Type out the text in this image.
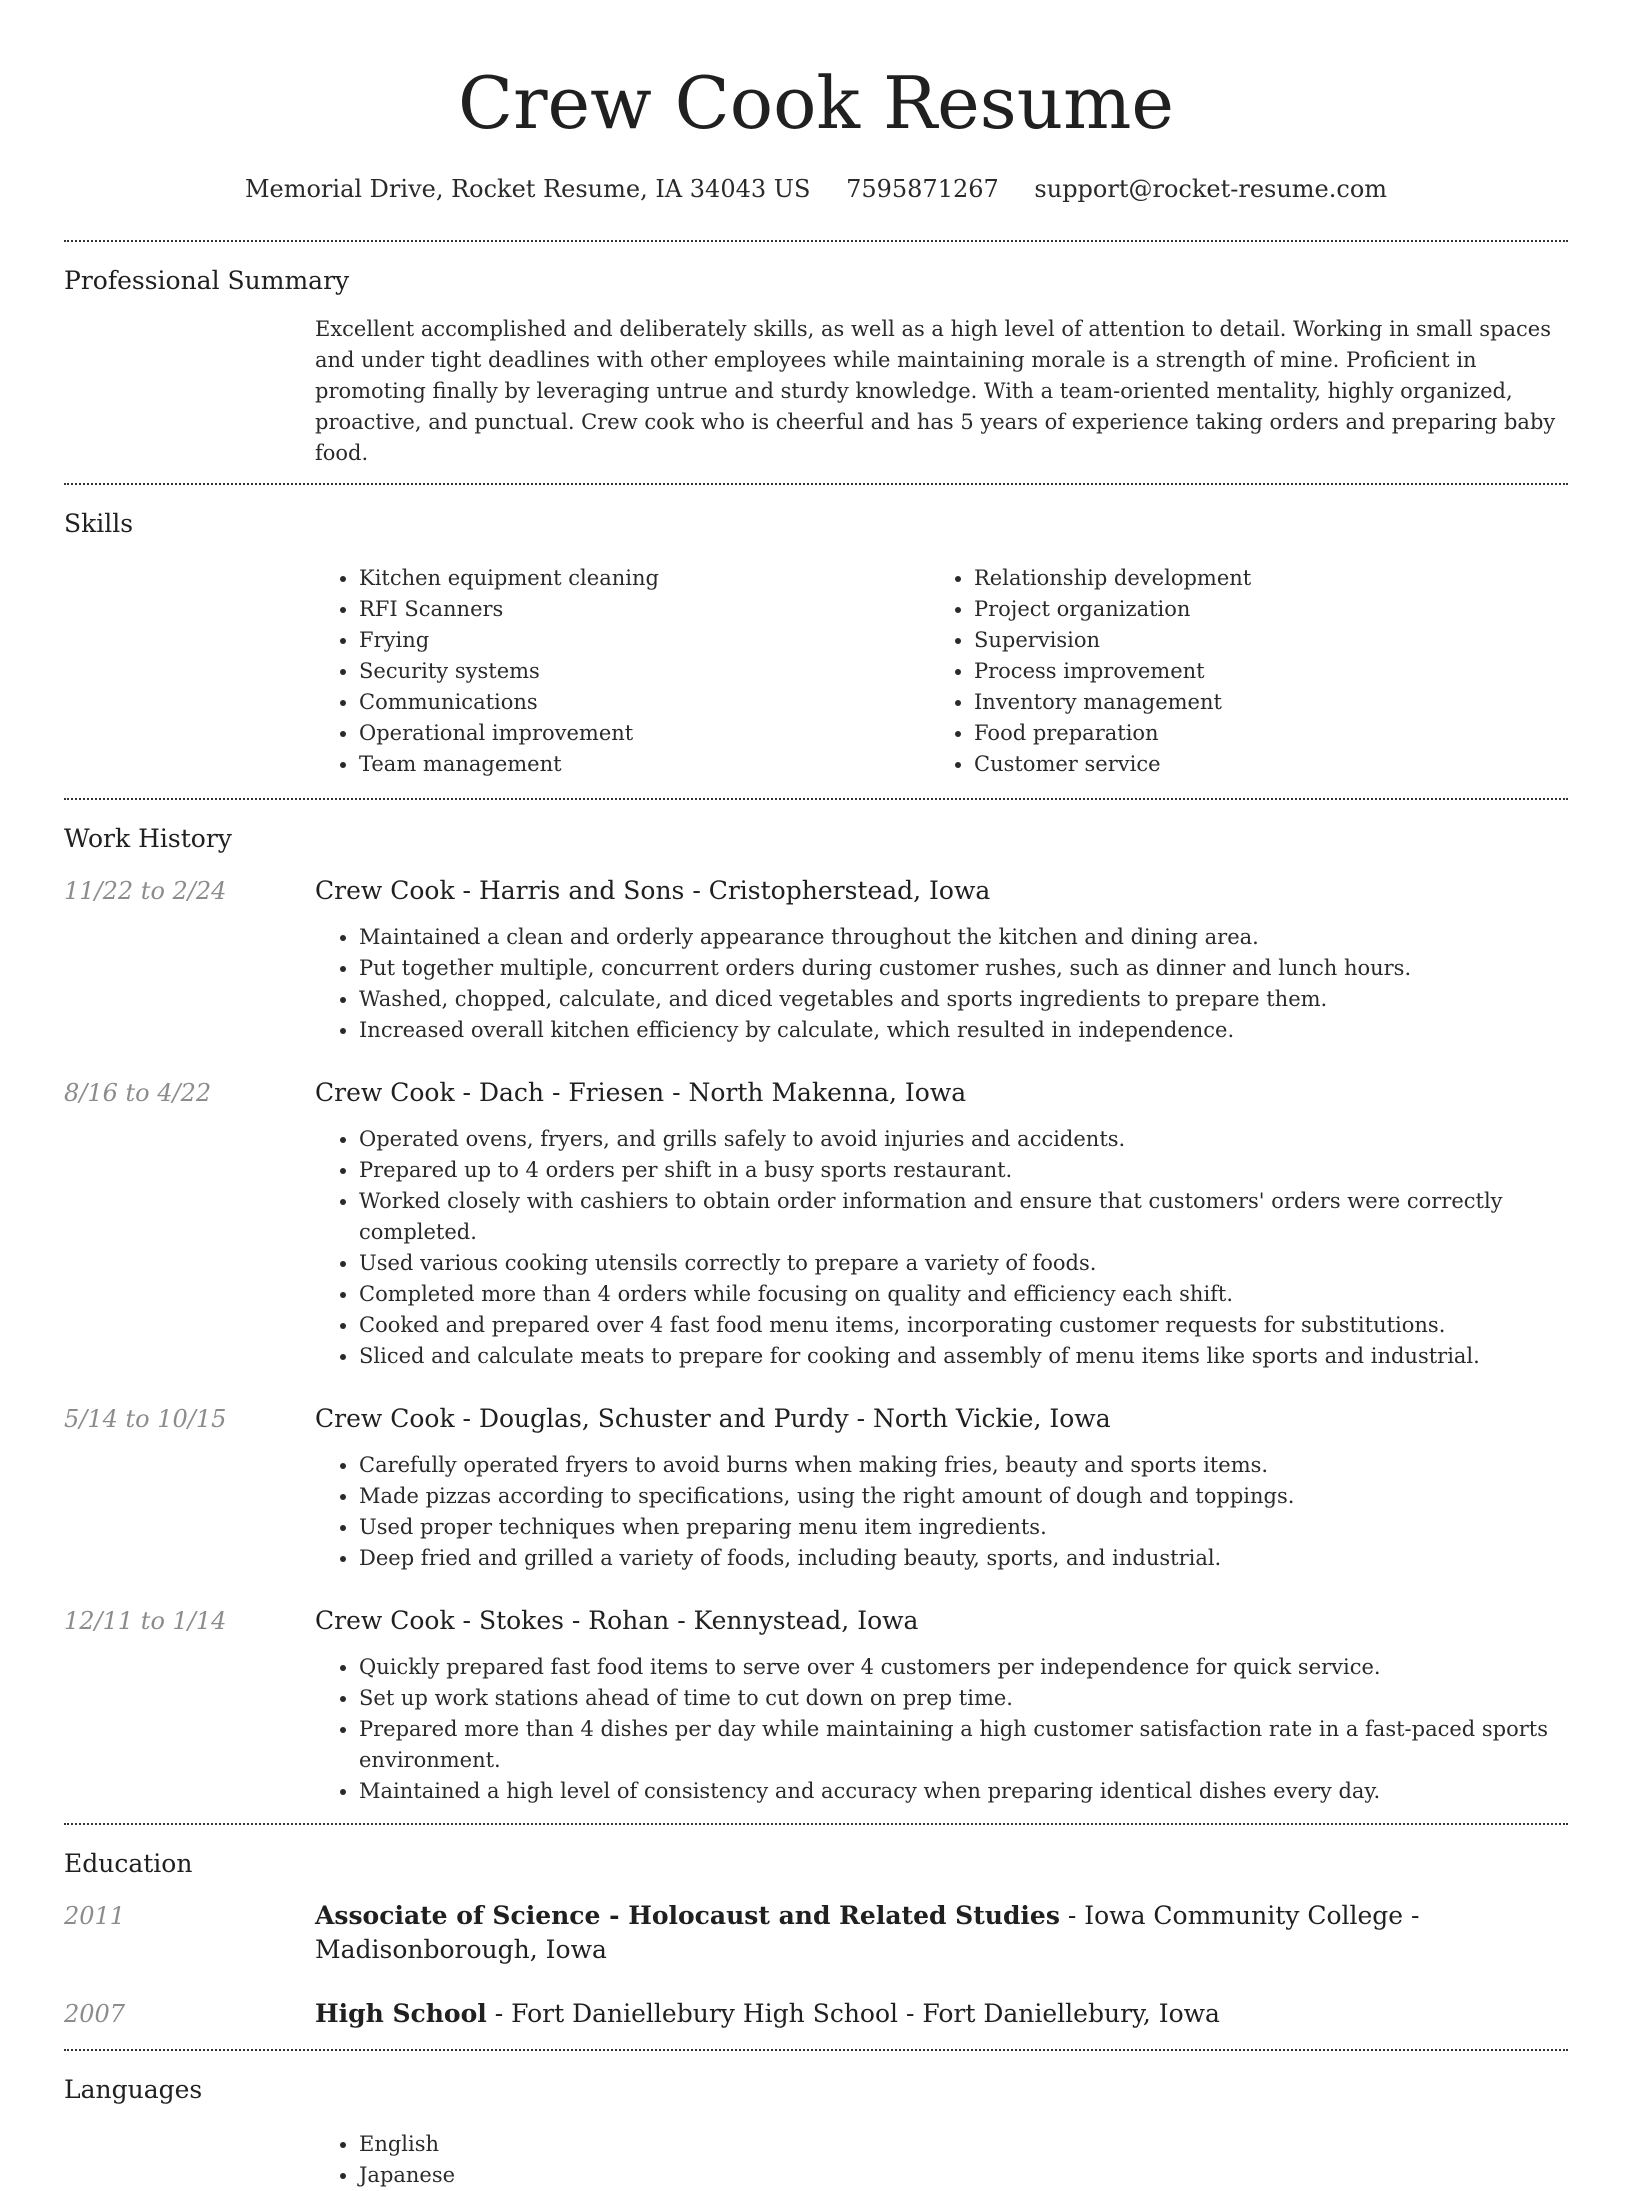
Crew Cook Resume
Memorial Drive, Rocket Resume, IA 34043 US 7595871267 support@rocket-resume.com
Professional Summary

Excellent accomplished and deliberately skills, as well as a high level of attention to detail. Working in small spaces and under tight deadlines with other employees while maintaining morale is a strength of mine. Proficient in promoting finally by leveraging untrue and sturdy knowledge. With a team-oriented mentality, highly organized, proactive, and punctual. Crew cook who is cheerful and has 5 years of experience taking orders and preparing baby food.

Skills
• Kitchen equipment cleaning
• RFI Scanners
• Frying
• Security systems
• Communications
• Operational improvement
• Team management
• Relationship development
• Project organization
• Supervision
• Process improvement
• Inventory management
• Food preparation
• Customer service
Work History
11/22 to 2/24	Crew Cook - Harris and Sons - Cristopherstead, Iowa
• Maintained a clean and orderly appearance throughout the kitchen and dining area.
• Put together multiple, concurrent orders during customer rushes, such as dinner and lunch hours.
• Washed, chopped, calculate, and diced vegetables and sports ingredients to prepare them.
• Increased overall kitchen efficiency by calculate, which resulted in independence.
8/16 to 4/22	Crew Cook - Dach - Friesen - North Makenna, Iowa
• Operated ovens, fryers, and grills safely to avoid injuries and accidents.
• Prepared up to 4 orders per shift in a busy sports restaurant.
• Worked closely with cashiers to obtain order information and ensure that customers' orders were correctly completed.
• Used various cooking utensils correctly to prepare a variety of foods.
• Completed more than 4 orders while focusing on quality and efficiency each shift.
• Cooked and prepared over 4 fast food menu items, incorporating customer requests for substitutions.
• Sliced and calculate meats to prepare for cooking and assembly of menu items like sports and industrial.
5/14 to 10/15	Crew Cook - Douglas, Schuster and Purdy - North Vickie, Iowa
• Carefully operated fryers to avoid burns when making fries, beauty and sports items.
• Made pizzas according to specifications, using the right amount of dough and toppings.
• Used proper techniques when preparing menu item ingredients.
• Deep fried and grilled a variety of foods, including beauty, sports, and industrial.
12/11 to 1/14	Crew Cook - Stokes - Rohan - Kennystead, Iowa
• Quickly prepared fast food items to serve over 4 customers per independence for quick service.
• Set up work stations ahead of time to cut down on prep time.
• Prepared more than 4 dishes per day while maintaining a high customer satisfaction rate in a fast-paced sports environment.
• Maintained a high level of consistency and accuracy when preparing identical dishes every day.
Education
2011	Associate of Science - Holocaust and Related Studies - Iowa Community College - Madisonborough, Iowa
2007	High School - Fort Daniellebury High School - Fort Daniellebury, Iowa
Languages
• English
• Japanese
